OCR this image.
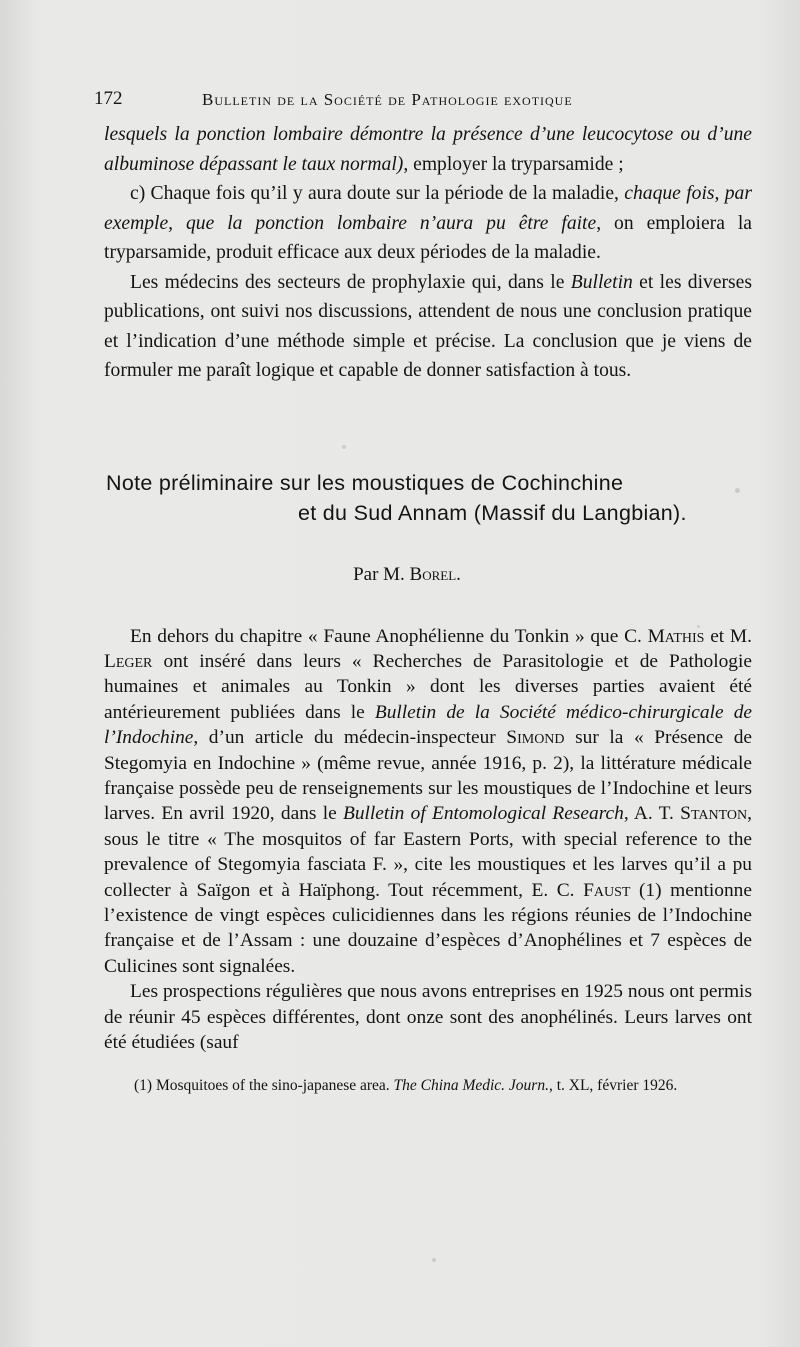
172	Bulletin de la Société de Pathologie exotique

lesquels la ponction lombaire démontre la présence d’une leucocytose ou d’une albuminose dépassant le taux normal), employer la tryparsamide ;

c) Chaque fois qu’il y aura doute sur la période de la maladie, chaque fois, par exemple, que la ponction lombaire n’aura pu être faite, on emploiera la tryparsamide, produit efficace aux deux périodes de la maladie.

Les médecins des secteurs de prophylaxie qui, dans le Bulletin et les diverses publications, ont suivi nos discussions, attendent de nous une conclusion pratique et l’indication d’une méthode simple et précise. La conclusion que je viens de formuler me paraît logique et capable de donner satisfaction à tous.

Note préliminaire sur les moustiques de Cochinchine
et du Sud Annam (Massif du Langbian).
Par M. Borel.

En dehors du chapitre « Faune Anophélienne du Tonkin » que C. Mathis et M. Leger ont inséré dans leurs « Recherches de Parasitologie et de Pathologie humaines et animales au Tonkin » dont les diverses parties avaient été antérieurement publiées dans le Bulletin de la Société médico-chirurgicale de l’Indochine, d’un article du médecin-inspecteur Simond sur la « Présence de Stegomyia en Indochine » (même revue, année 1916, p. 2), la littérature médicale française possède peu de renseignements sur les moustiques de l’Indochine et leurs larves. En avril 1920, dans le Bulletin of Entomological Research, A. T. Stanton, sous le titre « The mosquitos of far Eastern Ports, with special reference to the prevalence of Stegomyia fasciata F. », cite les moustiques et les larves qu’il a pu collecter à Saïgon et à Haïphong. Tout récemment, E. C. Faust (1) mentionne l’existence de vingt espèces culicidiennes dans les régions réunies de l’Indochine française et de l’Assam : une douzaine d’espèces d’Anophélines et 7 espèces de Culicines sont signalées.

Les prospections régulières que nous avons entreprises en 1925 nous ont permis de réunir 45 espèces différentes, dont onze sont des anophélinés. Leurs larves ont été étudiées (sauf

(1) Mosquitoes of the sino-japanese area. The China Medic. Journ., t. XL, février 1926.
